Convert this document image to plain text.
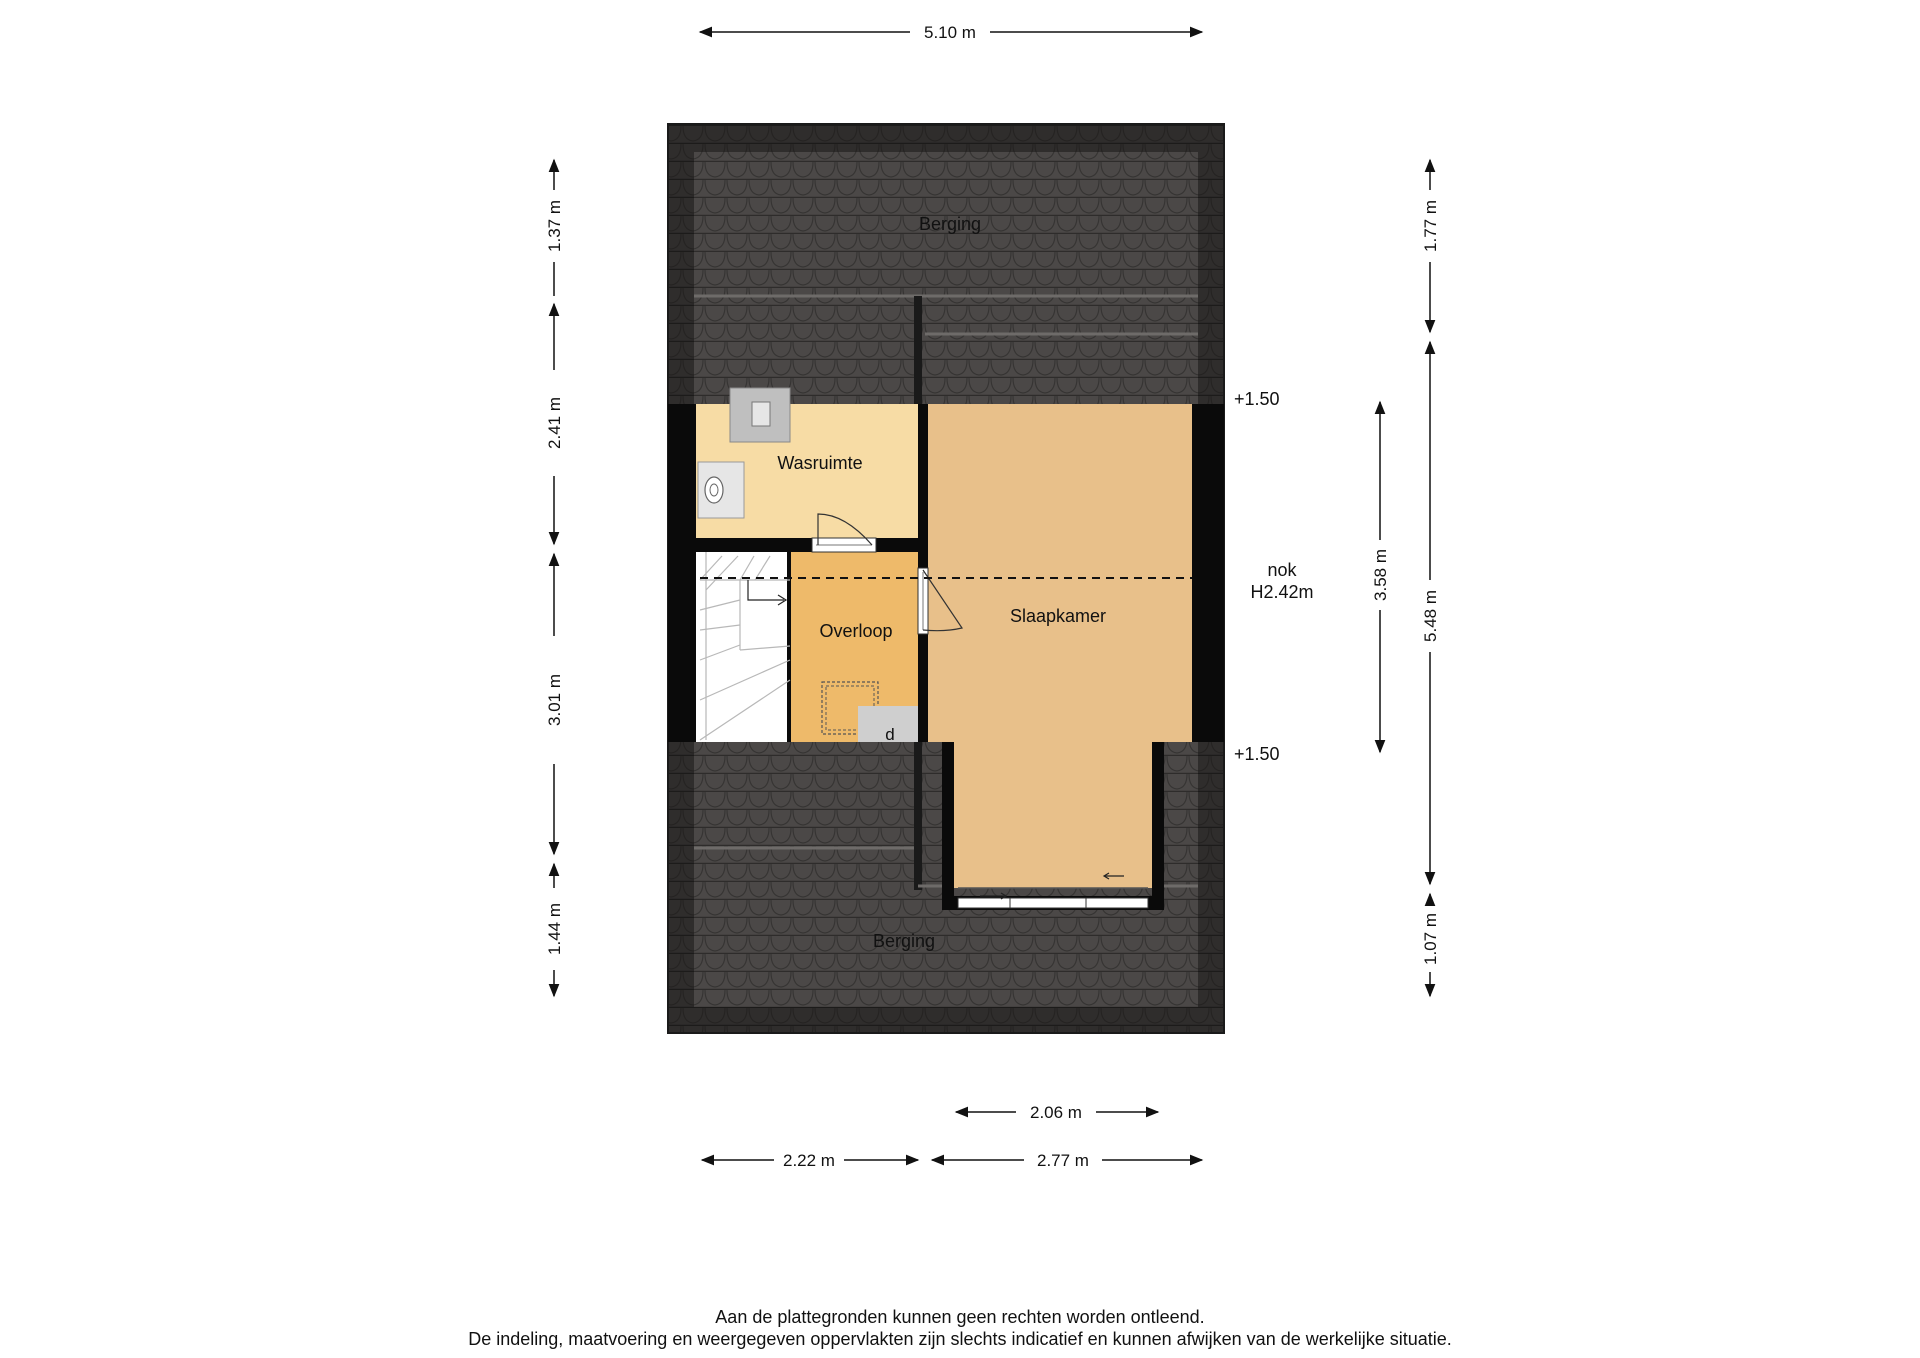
Berging
Wasruimte
Overloop
Slaapkamer
Berging
d
+1.50
+1.50
nok
H2.42m
5.10 m
1.37 m
2.41 m
3.01 m
1.44 m
1.77 m
5.48 m
3.58 m
1.07 m
2.06 m
2.22 m	2.77 m
Aan de plattegronden kunnen geen rechten worden ontleend.
De indeling, maatvoering en weergegeven oppervlakten zijn slechts indicatief en kunnen afwijken van de werkelijke situatie.
